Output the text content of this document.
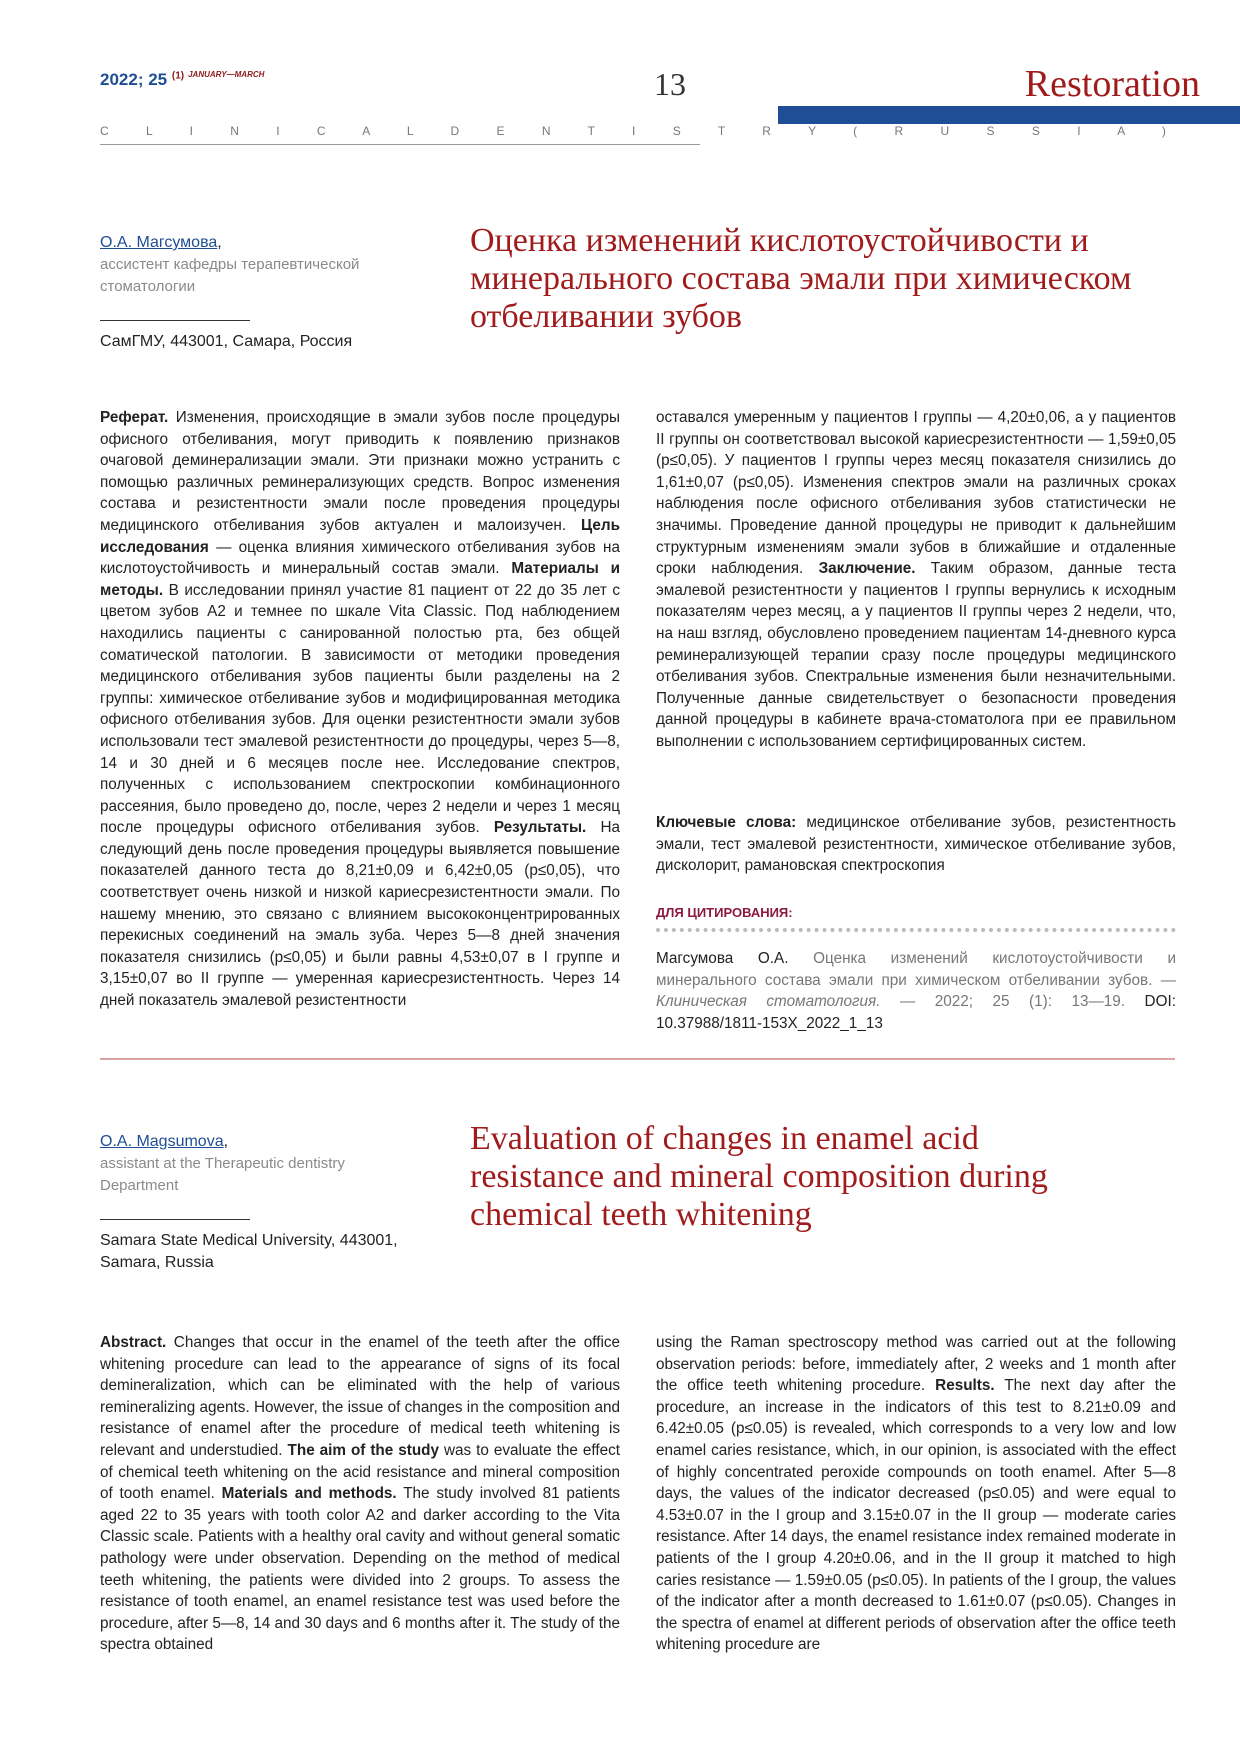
2022; 25 $^{(1)}$ $^{JANUARY—MARCH}$	13	Restoration
C L I N I C A L D E N T I S T R Y ( R U S S I A )
О.А. Магсумова,
ассистент кафедры терапевтической стоматологии
СамГМУ, 443001, Самара, Россия
Оценка изменений кислотоустойчивости и минерального состава эмали при химическом отбеливании зубов
Реферат. Изменения, происходящие в эмали зубов после процедуры офисного отбеливания, могут приводить к появлению признаков очаговой деминерализации эмали. Эти признаки можно устранить с помощью различных реминерализующих средств. Вопрос изменения состава и резистентности эмали после проведения процедуры медицинского отбеливания зубов актуален и малоизучен. Цель исследования — оценка влияния химического отбеливания зубов на кислотоустойчивость и минеральный состав эмали. Материалы и методы. В исследовании принял участие 81 пациент от 22 до 35 лет с цветом зубов A2 и темнее по шкале Vita Classic. Под наблюдением находились пациенты с санированной полостью рта, без общей соматической патологии. В зависимости от методики проведения медицинского отбеливания зубов пациенты были разделены на 2 группы: химическое отбеливание зубов и модифицированная методика офисного отбеливания зубов. Для оценки резистентности эмали зубов использовали тест эмалевой резистентности до процедуры, через 5—8, 14 и 30 дней и 6 месяцев после нее. Исследование спектров, полученных с использованием спектроскопии комбинационного рассеяния, было проведено до, после, через 2 недели и через 1 месяц после процедуры офисного отбеливания зубов. Результаты. На следующий день после проведения процедуры выявляется повышение показателей данного теста до 8,21±0,09 и 6,42±0,05 (p≤0,05), что соответствует очень низкой и низкой кариесрезистентности эмали. По нашему мнению, это связано с влиянием высококонцентрированных перекисных соединений на эмаль зуба. Через 5—8 дней значения показателя снизились (p≤0,05) и были равны 4,53±0,07 в I группе и 3,15±0,07 во II группе — умеренная кариесрезистентность. Через 14 дней показатель эмалевой резистентности
оставался умеренным у пациентов I группы — 4,20±0,06, а у пациентов II группы он соответствовал высокой кариесрезистентности — 1,59±0,05 (p≤0,05). У пациентов I группы через месяц показателя снизились до 1,61±0,07 (p≤0,05). Изменения спектров эмали на различных сроках наблюдения после офисного отбеливания зубов статистически не значимы. Проведение данной процедуры не приводит к дальнейшим структурным изменениям эмали зубов в ближайшие и отдаленные сроки наблюдения. Заключение. Таким образом, данные теста эмалевой резистентности у пациентов I группы вернулись к исходным показателям через месяц, а у пациентов II группы через 2 недели, что, на наш взгляд, обусловлено проведением пациентам 14-дневного курса реминерализующей терапии сразу после процедуры медицинского отбеливания зубов. Спектральные изменения были незначительными. Полученные данные свидетельствует о безопасности проведения данной процедуры в кабинете врача-стоматолога при ее правильном выполнении с использованием сертифицированных систем.
Ключевые слова: медицинское отбеливание зубов, резистентность эмали, тест эмалевой резистентности, химическое отбеливание зубов, дисколорит, рамановская спектроскопия
ДЛЯ ЦИТИРОВАНИЯ:
Магсумова О.А. Оценка изменений кислотоустойчивости и минерального состава эмали при химическом отбеливании зубов. — Клиническая стоматология. — 2022; 25 (1): 13—19. DOI: 10.37988/1811-153X_2022_1_13
O.A. Magsumova,
assistant at the Therapeutic dentistry Department
Samara State Medical University, 443001, Samara, Russia
Evaluation of changes in enamel acid resistance and mineral composition during chemical teeth whitening
Abstract. Changes that occur in the enamel of the teeth after the office whitening procedure can lead to the appearance of signs of its focal demineralization, which can be eliminated with the help of various remineralizing agents. However, the issue of changes in the composition and resistance of enamel after the procedure of medical teeth whitening is relevant and understudied. The aim of the study was to evaluate the effect of chemical teeth whitening on the acid resistance and mineral composition of tooth enamel. Materials and methods. The study involved 81 patients aged 22 to 35 years with tooth color A2 and darker according to the Vita Classic scale. Patients with a healthy oral cavity and without general somatic pathology were under observation. Depending on the method of medical teeth whitening, the patients were divided into 2 groups. To assess the resistance of tooth enamel, an enamel resistance test was used before the procedure, after 5—8, 14 and 30 days and 6 months after it. The study of the spectra obtained
using the Raman spectroscopy method was carried out at the following observation periods: before, immediately after, 2 weeks and 1 month after the office teeth whitening procedure. Results. The next day after the procedure, an increase in the indicators of this test to 8.21±0.09 and 6.42±0.05 (p≤0.05) is revealed, which corresponds to a very low and low enamel caries resistance, which, in our opinion, is associated with the effect of highly concentrated peroxide compounds on tooth enamel. After 5—8 days, the values of the indicator decreased (p≤0.05) and were equal to 4.53±0.07 in the I group and 3.15±0.07 in the II group — moderate caries resistance. After 14 days, the enamel resistance index remained moderate in patients of the I group 4.20±0.06, and in the II group it matched to high caries resistance — 1.59±0.05 (p≤0.05). In patients of the I group, the values of the indicator after a month decreased to 1.61±0.07 (p≤0.05). Changes in the spectra of enamel at different periods of observation after the office teeth whitening procedure are
